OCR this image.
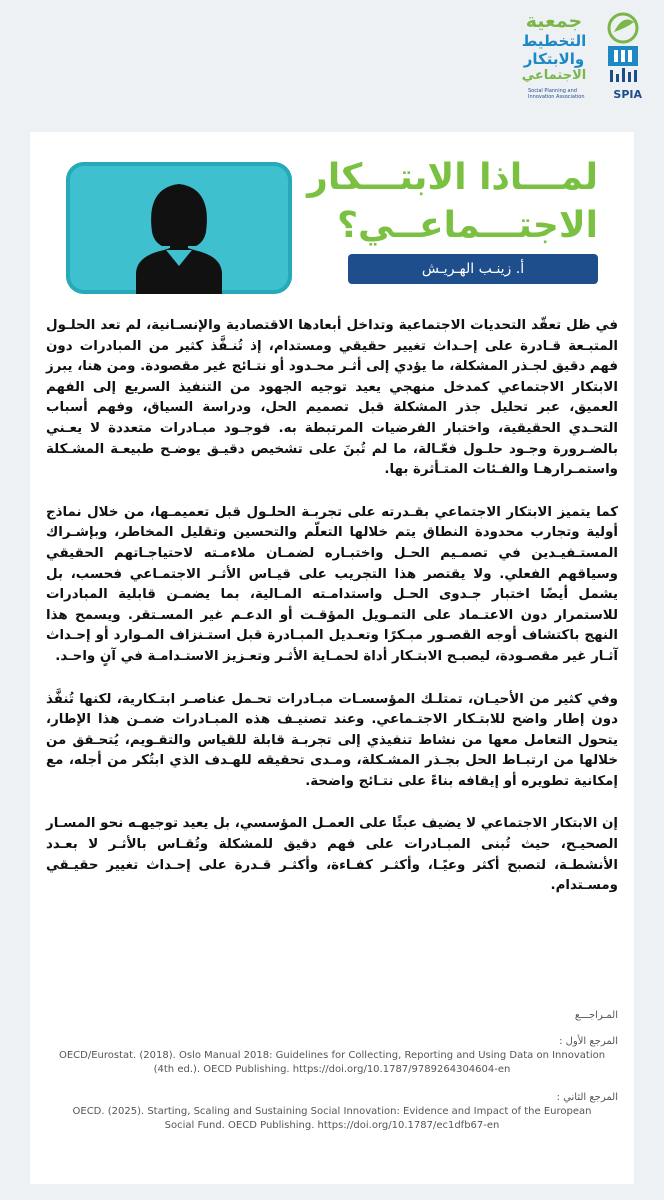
جمعية
التخطيط
والابتكار
الاجتماعي
Social Planning and Innovation Association	SPIA
لمـــاذا الابتـــكار
الاجتـــماعــي؟
أ. زينـب الهـريـش

في ظل تعقّد التحديات الاجتماعية وتداخل أبعادها الاقتصادية والإنسـانية، لم تعد الحلـول المتبـعة قـادرة على إحـداث تغيير حقيقي ومستدام، إذ تُنـفَّذ كثير من المبادرات دون فهم دقيق لجـذر المشكلة، ما يؤدي إلى أثـر محـدود أو نتـائج غير مقصودة. ومن هنا، يبرز الابتكار الاجتماعي كمدخل منهجي يعيد توجيه الجهود من التنفيذ السريع إلى الفهم العميق، عبر تحليل جذر المشكلة قبل تصميم الحل، ودراسة السياق، وفهم أسباب التحـدي الحقيقية، واختبار الفرضيات المرتبطة به. فوجـود مبـادرات متعددة لا يعـني بالضـرورة وجـود حلـول فعّـالة، ما لم تُبنَ على تشخيص دقيـق يوضـح طبيعـة المشـكلة واستمـرارهـا والفـئات المتـأثرة بها.

كما يتميز الابتكار الاجتماعي بقـدرته على تجربـة الحلـول قبل تعميمـها، من خلال نماذج أولية وتجارب محدودة النطاق يتم خلالها التعلّم والتحسين وتقليل المخاطر، وبإشـراك المستـفيـدين في تصمـيم الحـل واختبـاره لضمـان ملاءمـته لاحتياجـاتهم الحقيقي وسياقهم الفعلي. ولا يقتصر هذا التجريب على قيـاس الأثـر الاجتمـاعي فحسب، بل يشمل أيضًا اختبار جـدوى الحـل واستدامـته المـالية، بما يضمـن قابلية المبادرات للاستمرار دون الاعتـماد على التمـويل المؤقـت أو الدعـم غير المسـتقر. ويسمح هذا النهج باكتشاف أوجه القصـور مبـكرًا وتعـديل المبـادرة قبل استـنزاف المـوارد أو إحـداث آثـار غير مقصـودة، ليصبـح الابتـكار أداة لحمـاية الأثـر وتعـزيز الاستـدامـة في آنٍ واحـد.

وفي كثير من الأحيـان، تمتلـك المؤسسـات مبـادرات تحـمل عناصـر ابتـكارية، لكنها تُنفَّذ دون إطار واضح للابتـكار الاجتـماعي. وعند تصنيـف هذه المبـادرات ضمـن هذا الإطار، يتحول التعامل معها من نشاط تنفيذي إلى تجربـة قابلة للقياس والتقـويم، يُتحـقق من خلالها من ارتبـاط الحل بجـذر المشـكلة، ومـدى تحقيقه للهـدف الذي ابتُكر من أجله، مع إمكانية تطويره أو إيقافه بناءً على نتـائج واضحة.

إن الابتكار الاجتماعي لا يضيف عبئًا على العمـل المؤسسي، بل يعيد توجيهـه نحو المسـار الصحيـح، حيث تُبنى المبـادرات على فهم دقيق للمشكلة وتُقـاس بالأثـر لا بعـدد الأنشطـة، لتصبح أكثر وعيًـا، وأكثـر كفـاءة، وأكثـر قـدرة على إحـداث تغيير حقيـقي ومسـتدام.

المـراجـــع
المرجع الأول :
OECD/Eurostat. (2018). Oslo Manual 2018: Guidelines for Collecting, Reporting and Using Data on Innovation (4th ed.). OECD Publishing. https://doi.org/10.1787/9789264304604-en
المرجع الثاني :
OECD. (2025). Starting, Scaling and Sustaining Social Innovation: Evidence and Impact of the European Social Fund. OECD Publishing. https://doi.org/10.1787/ec1dfb67-en
